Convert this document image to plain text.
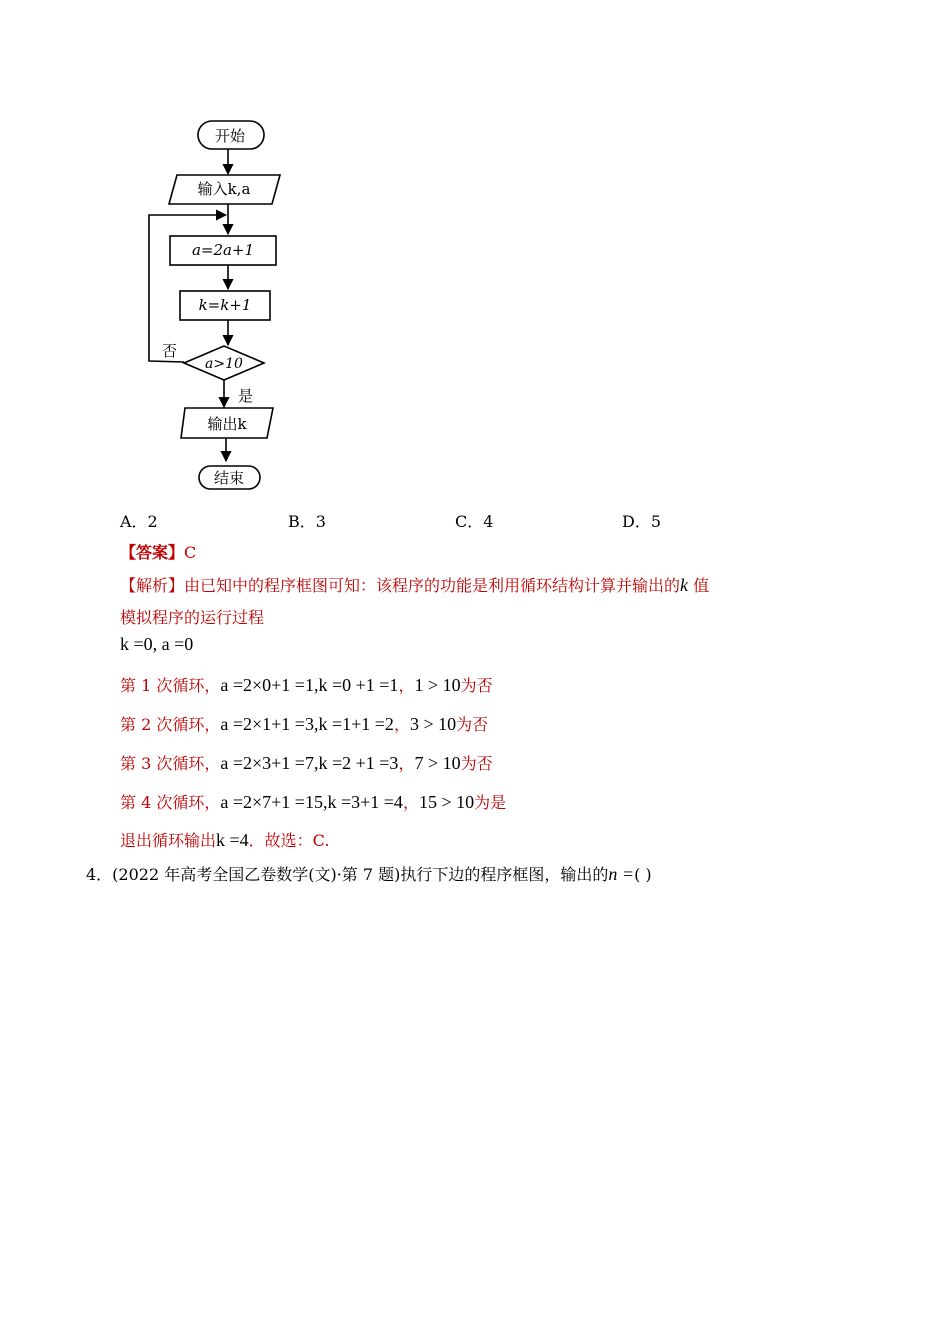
开始
输入k,a
a=2a+1
k=k+1
a>10
否
是
输出k
结束
A．2	B．3	C．4	D．5
【答案】C
【解析】由已知中的程序框图可知：该程序的功能是利用循环结构计算并输出的k 值
模拟程序的运行过程
k =0, a =0
第 1 次循环，a =2×0+1 =1,k =0 +1 =1，1 > 10为否
第 2 次循环，a =2×1+1 =3,k =1+1 =2，3 > 10为否
第 3 次循环，a =2×3+1 =7,k =2 +1 =3，7 > 10为否
第 4 次循环，a =2×7+1 =15,k =3+1 =4，15 > 10为是
退出循环输出k =4．故选：C.
4．(2022 年高考全国乙卷数学(文)·第 7 题)执行下边的程序框图，输出的n =( )
